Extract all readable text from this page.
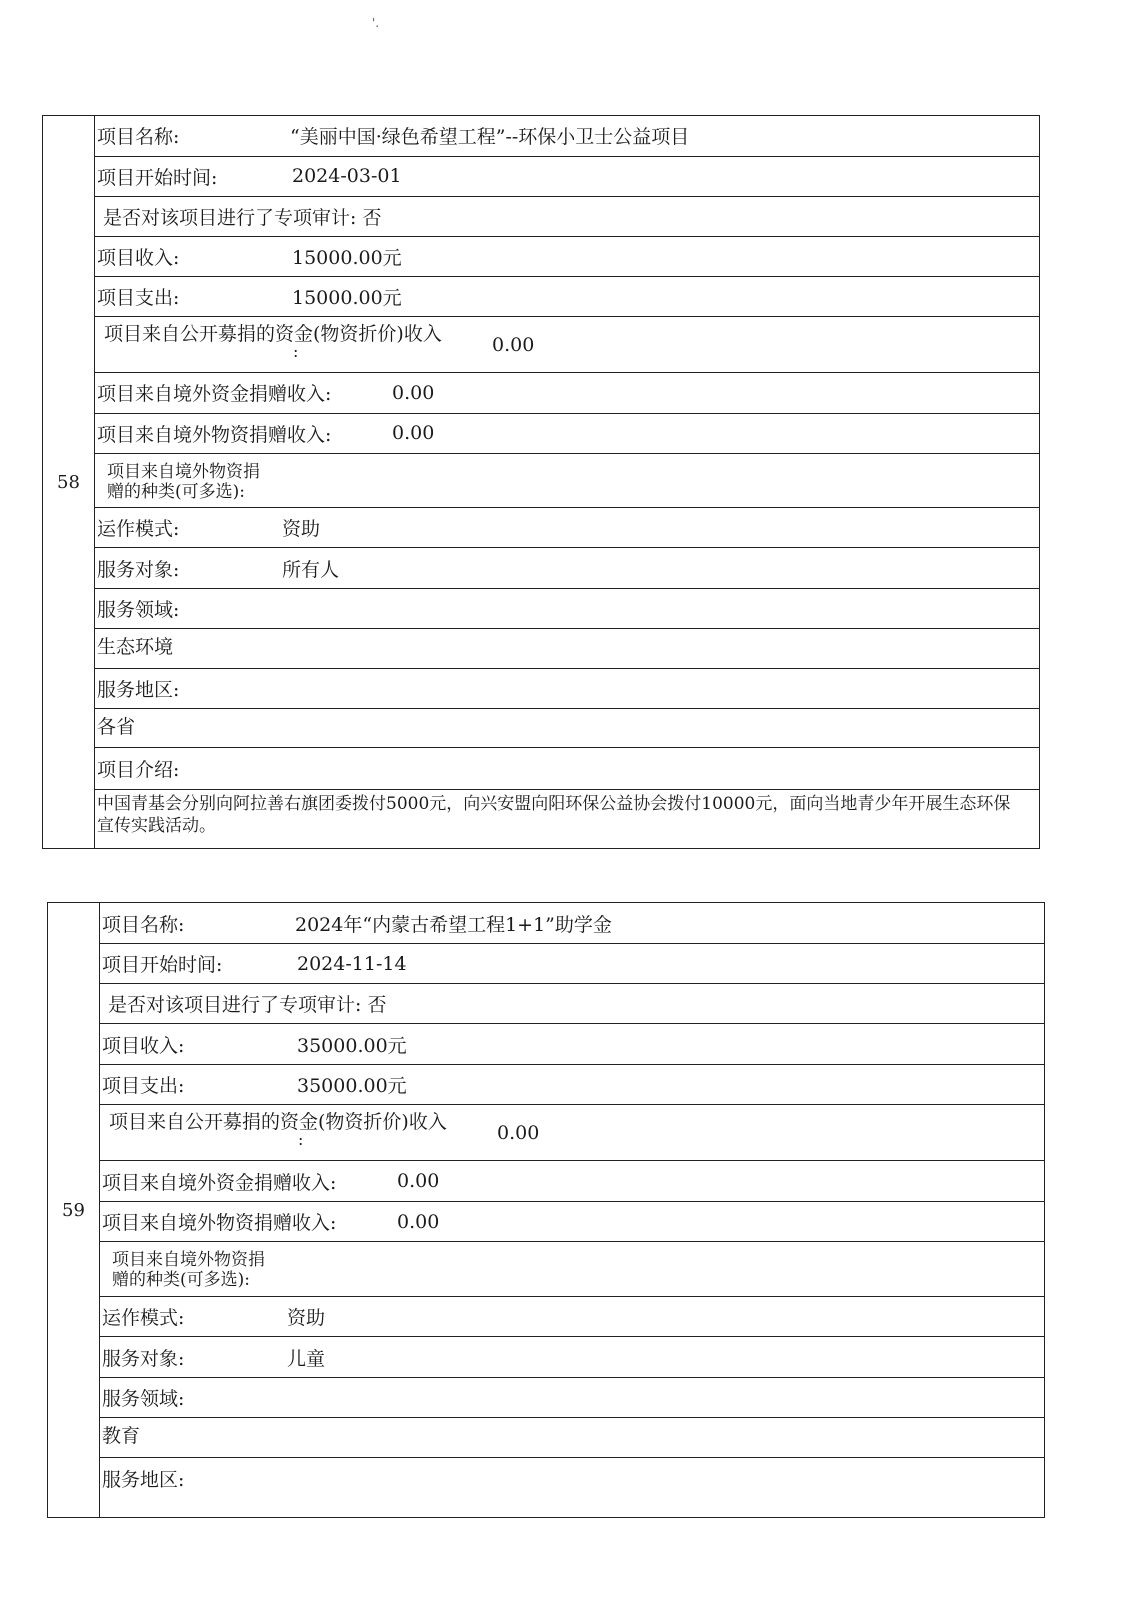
'.
58
项目名称:	“美丽中国·绿色希望工程”--环保小卫士公益项目
项目开始时间:	2024-03-01
是否对该项目进行了专项审计: 否
项目收入:	15000.00元
项目支出:	15000.00元
项目来自公开募捐的资金(物资折价)收入
:	0.00
项目来自境外资金捐赠收入:	0.00
项目来自境外物资捐赠收入:	0.00
项目来自境外物资捐
赠的种类(可多选):
运作模式:	资助
服务对象:	所有人
服务领域:
生态环境
服务地区:
各省
项目介绍:
中国青基会分别向阿拉善右旗团委拨付5000元，向兴安盟向阳环保公益协会拨付10000元，面向当地青少年开展生态环保宣传实践活动。
59
项目名称:	2024年“内蒙古希望工程1+1”助学金
项目开始时间:	2024-11-14
是否对该项目进行了专项审计: 否
项目收入:	35000.00元
项目支出:	35000.00元
项目来自公开募捐的资金(物资折价)收入
:	0.00
项目来自境外资金捐赠收入:	0.00
项目来自境外物资捐赠收入:	0.00
项目来自境外物资捐
赠的种类(可多选):
运作模式:	资助
服务对象:	儿童
服务领域:
教育
服务地区:
